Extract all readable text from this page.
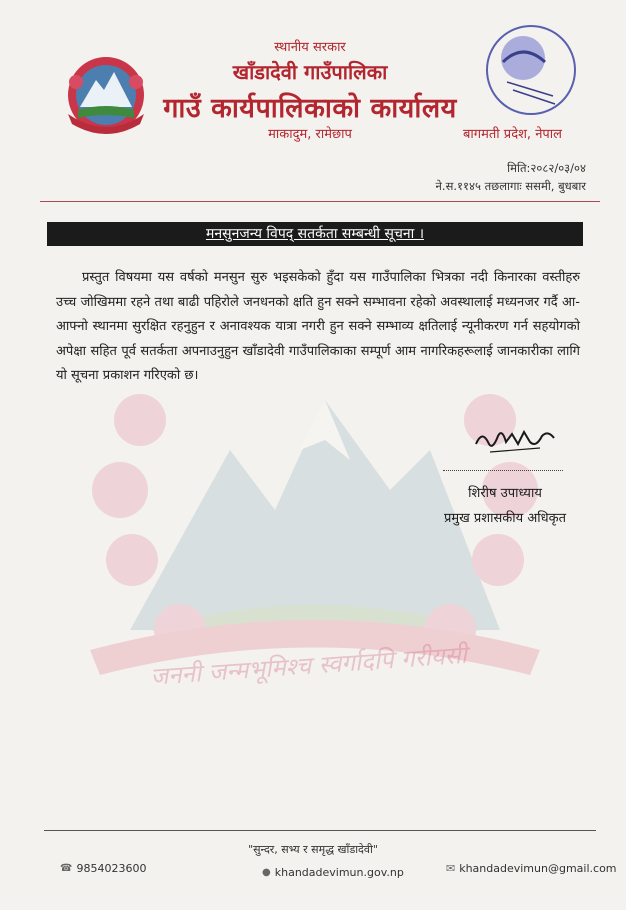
जननी जन्मभूमिश्च स्वर्गादपि गरीयसी
स्थानीय सरकार
खाँडादेवी गाउँपालिका
गाउँ कार्यपालिकाको कार्यालय
माकादुम, रामेछाप	बागमती प्रदेश, नेपाल
मिति:२०८२/०३/०४
ने.स.११४५ तछलागाः ससमी, बुधबार
मनसुनजन्य विपद् सतर्कता सम्बन्धी सूचना ।
प्रस्तुत विषयमा यस वर्षको मनसुन सुरु भइसकेको हुँदा यस गाउँपालिका भित्रका नदी किनारका वस्तीहरु उच्च जोखिममा रहने तथा बाढी पहिरोले जनधनको क्षति हुन सक्ने सम्भावना रहेको अवस्थालाई मध्यनजर गर्दै आ-आफ्नो स्थानमा सुरक्षित रहनुहुन र अनावश्यक यात्रा नगरी हुन सक्ने सम्भाव्य क्षतिलाई न्यूनीकरण गर्न सहयोगको अपेक्षा सहित पूर्व सतर्कता अपनाउनुहुन खाँडादेवी गाउँपालिकाका सम्पूर्ण आम नागरिकहरूलाई जानकारीका लागि यो सूचना प्रकाशन गरिएको छ।
शिरीष उपाध्याय
प्रमुख प्रशासकीय अधिकृत
"सुन्दर, सभ्य र समृद्ध खाँडादेवी"
☎ 9854023600	● khandadevimun.gov.np	✉ khandadevimun@gmail.com
